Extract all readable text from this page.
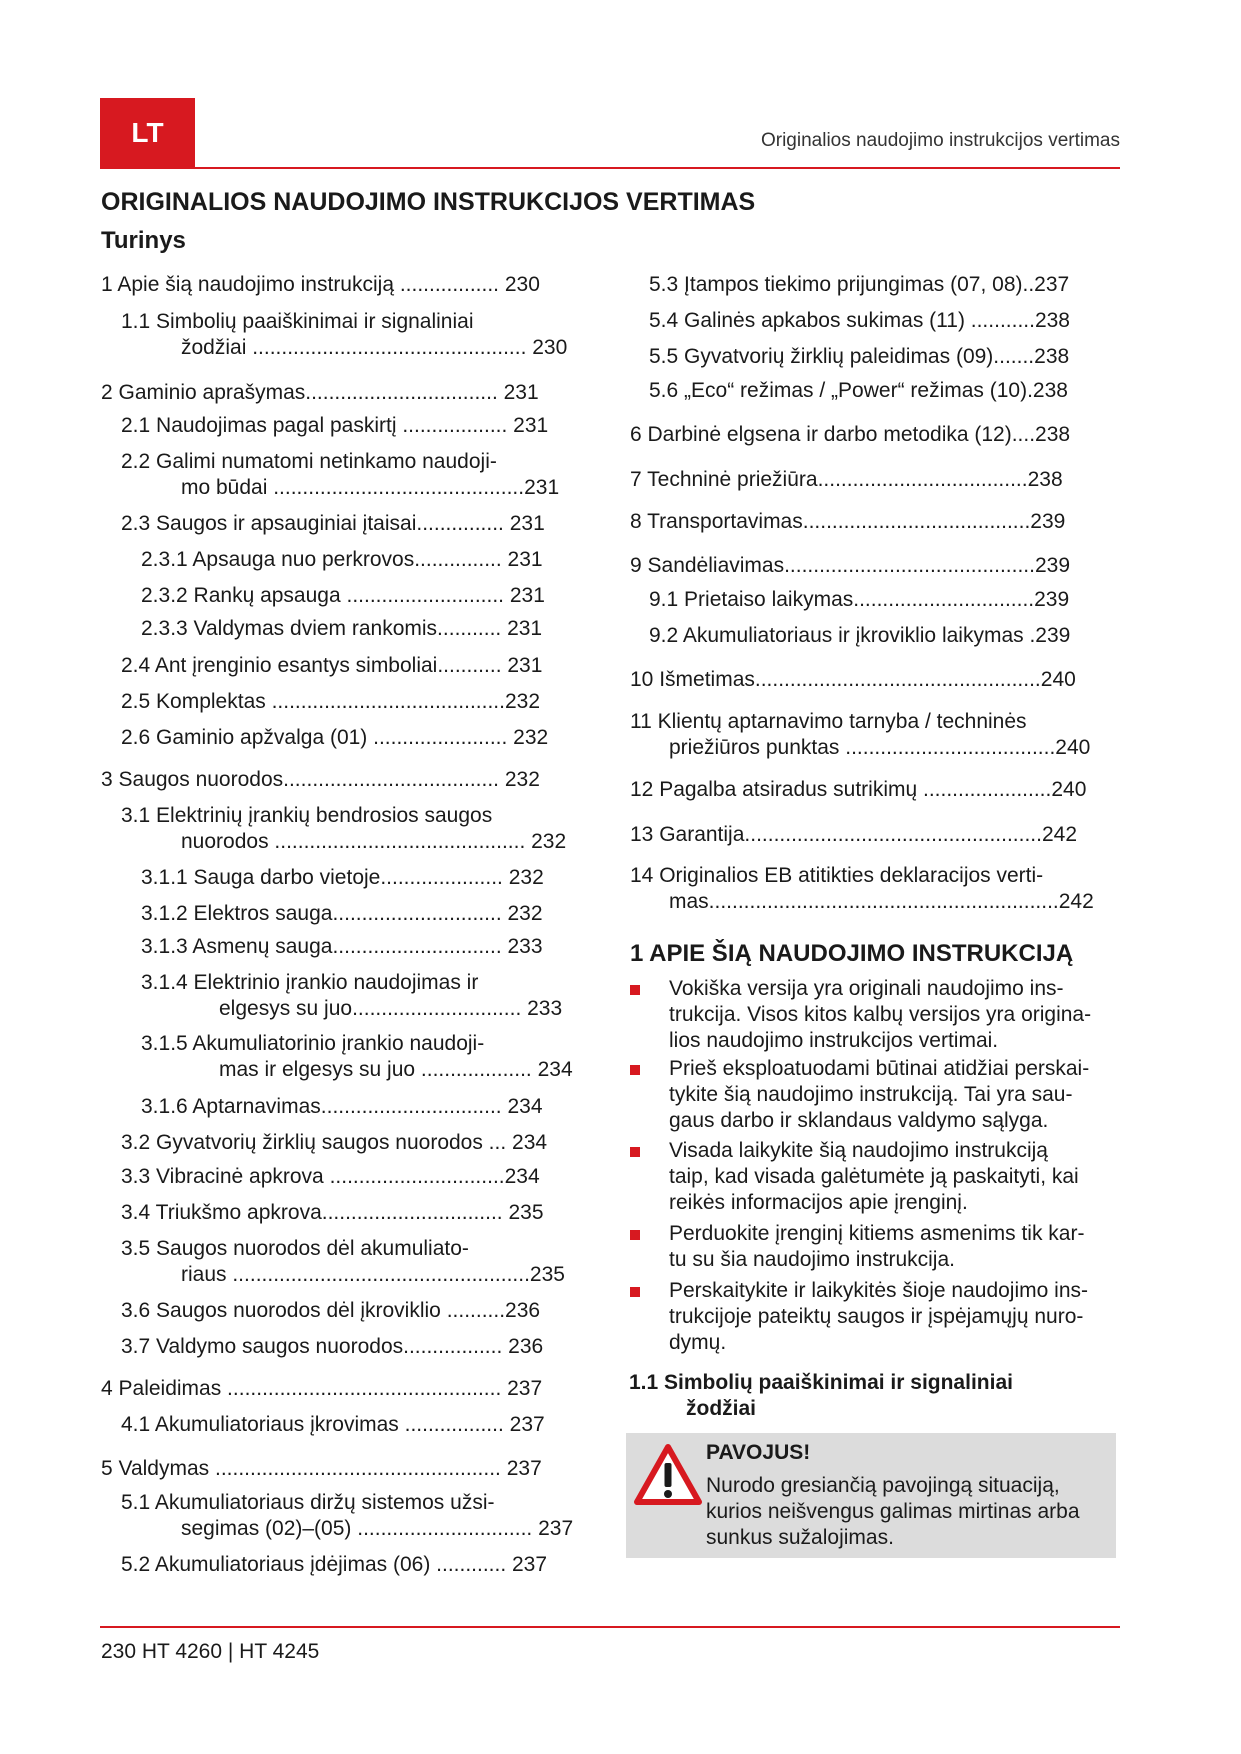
LT	Originalios naudojimo instrukcijos vertimas
ORIGINALIOS NAUDOJIMO INSTRUKCIJOS VERTIMAS
Turinys
1 Apie šią naudojimo instrukciją ................. 230
1.1 Simbolių paaiškinimai ir signaliniai
žodžiai ............................................... 230
2 Gaminio aprašymas................................. 231
2.1 Naudojimas pagal paskirtį .................. 231
2.2 Galimi numatomi netinkamo naudoji-
mo būdai ...........................................231
2.3 Saugos ir apsauginiai įtaisai............... 231
2.3.1 Apsauga nuo perkrovos............... 231
2.3.2 Rankų apsauga ........................... 231
2.3.3 Valdymas dviem rankomis........... 231
2.4 Ant įrenginio esantys simboliai........... 231
2.5 Komplektas ........................................232
2.6 Gaminio apžvalga (01) ....................... 232
3 Saugos nuorodos..................................... 232
3.1 Elektrinių įrankių bendrosios saugos
nuorodos ........................................... 232
3.1.1 Sauga darbo vietoje..................... 232
3.1.2 Elektros sauga............................. 232
3.1.3 Asmenų sauga............................. 233
3.1.4 Elektrinio įrankio naudojimas ir
elgesys su juo............................. 233
3.1.5 Akumuliatorinio įrankio naudoji-
mas ir elgesys su juo ................... 234
3.1.6 Aptarnavimas............................... 234
3.2 Gyvatvorių žirklių saugos nuorodos ... 234
3.3 Vibracinė apkrova ..............................234
3.4 Triukšmo apkrova............................... 235
3.5 Saugos nuorodos dėl akumuliato-
riaus ...................................................235
3.6 Saugos nuorodos dėl įkroviklio ..........236
3.7 Valdymo saugos nuorodos................. 236
4 Paleidimas ............................................... 237
4.1 Akumuliatoriaus įkrovimas ................. 237
5 Valdymas ................................................. 237
5.1 Akumuliatoriaus diržų sistemos užsi-
segimas (02)–(05) .............................. 237
5.2 Akumuliatoriaus įdėjimas (06) ............ 237
5.3 Įtampos tiekimo prijungimas (07, 08)..237
5.4 Galinės apkabos sukimas (11) ...........238
5.5 Gyvatvorių žirklių paleidimas (09).......238
5.6 „Eco“ režimas / „Power“ režimas (10).238
6 Darbinė elgsena ir darbo metodika (12)....238
7 Techninė priežiūra....................................238
8 Transportavimas.......................................239
9 Sandėliavimas...........................................239
9.1 Prietaiso laikymas...............................239
9.2 Akumuliatoriaus ir įkroviklio laikymas .239
10 Išmetimas.................................................240
11 Klientų aptarnavimo tarnyba / techninės
priežiūros punktas ....................................240
12 Pagalba atsiradus sutrikimų ......................240
13 Garantija...................................................242
14 Originalios EB atitikties deklaracijos verti-
mas............................................................242
1 APIE ŠIĄ NAUDOJIMO INSTRUKCIJĄ
Vokiška versija yra originali naudojimo ins-
trukcija. Visos kitos kalbų versijos yra origina-
lios naudojimo instrukcijos vertimai.
Prieš eksploatuodami būtinai atidžiai perskai-
tykite šią naudojimo instrukciją. Tai yra sau-
gaus darbo ir sklandaus valdymo sąlyga.
Visada laikykite šią naudojimo instrukciją
taip, kad visada galėtumėte ją paskaityti, kai
reikės informacijos apie įrenginį.
Perduokite įrenginį kitiems asmenims tik kar-
tu su šia naudojimo instrukcija.
Perskaitykite ir laikykitės šioje naudojimo ins-
trukcijoje pateiktų saugos ir įspėjamųjų nuro-
dymų.
1.1 Simbolių paaiškinimai ir signaliniai
žodžiai
PAVOJUS!
Nurodo gresiančią pavojingą situaciją,
kurios neišvengus galimas mirtinas arba
sunkus sužalojimas.
230 HT 4260 | HT 4245
